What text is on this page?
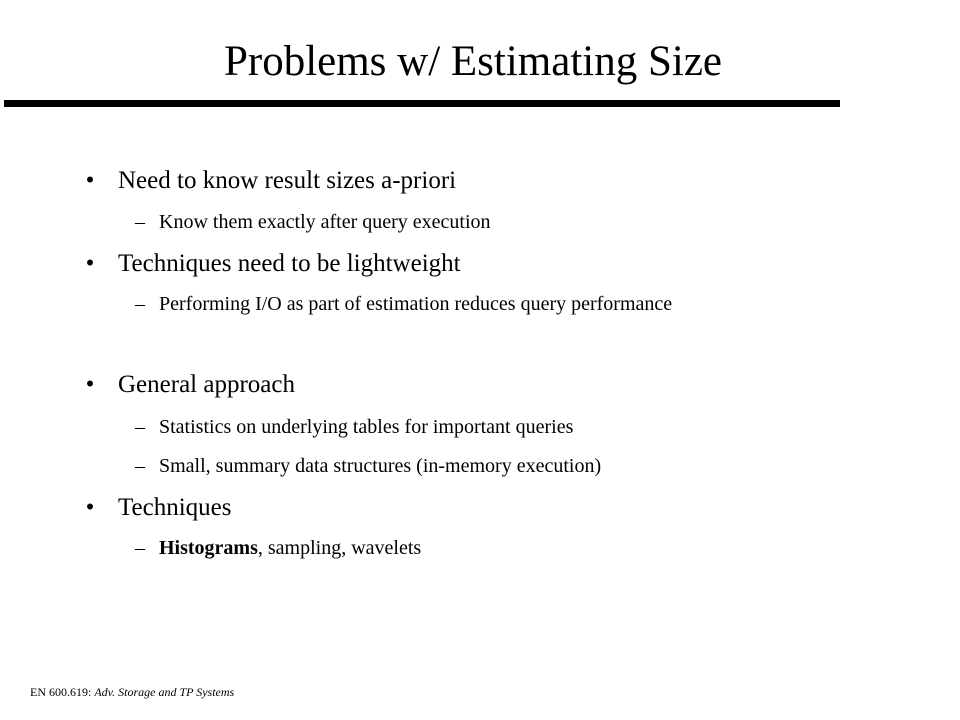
Problems w/ Estimating Size
• Need to know result sizes a-priori
– Know them exactly after query execution
• Techniques need to be lightweight
– Performing I/O as part of estimation reduces query performance
• General approach
– Statistics on underlying tables for important queries
– Small, summary data structures (in-memory execution)
• Techniques
– Histograms, sampling, wavelets
EN 600.619: Adv. Storage and TP Systems
